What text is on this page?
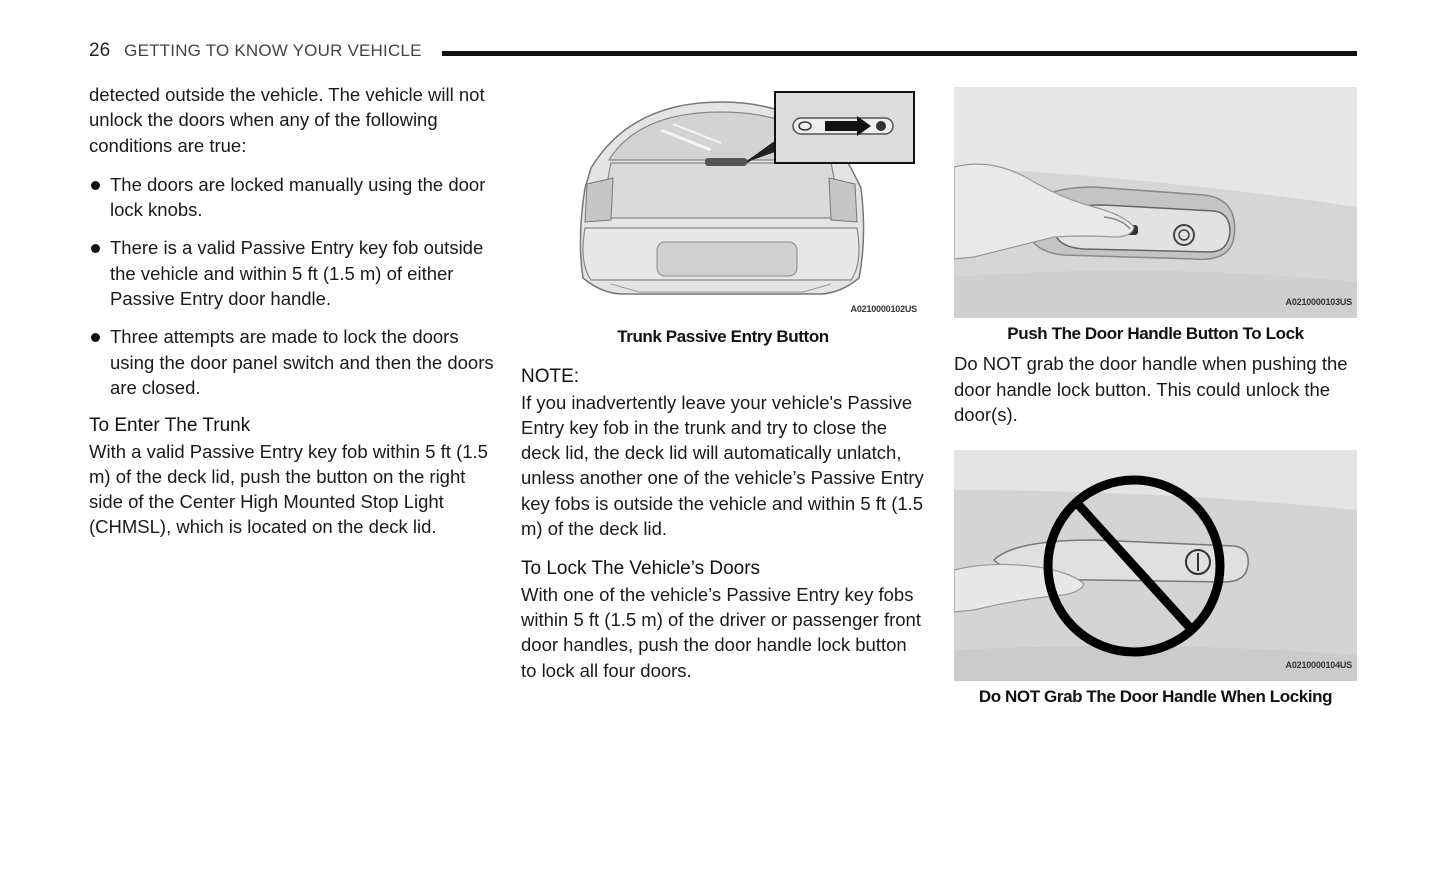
26 GETTING TO KNOW YOUR VEHICLE

detected outside the vehicle. The vehicle will not unlock the doors when any of the following conditions are true:

The doors are locked manually using the door lock knobs.
There is a valid Passive Entry key fob outside the vehicle and within 5 ft (1.5 m) of either Passive Entry door handle.
Three attempts are made to lock the doors using the door panel switch and then the doors are closed.

To Enter The Trunk

With a valid Passive Entry key fob within 5 ft (1.5 m) of the deck lid, push the button on the right side of the Center High Mounted Stop Light (CHMSL), which is located on the deck lid.

A0210000102US

Trunk Passive Entry Button

NOTE:

If you inadvertently leave your vehicle's Passive Entry key fob in the trunk and try to close the deck lid, the deck lid will automatically unlatch, unless another one of the vehicle’s Passive Entry key fobs is outside the vehicle and within 5 ft (1.5 m) of the deck lid.

To Lock The Vehicle’s Doors

With one of the vehicle’s Passive Entry key fobs within 5 ft (1.5 m) of the driver or passenger front door handles, push the door handle lock button to lock all four doors.

A0210000103US

Push The Door Handle Button To Lock

Do NOT grab the door handle when pushing the door handle lock button. This could unlock the door(s).

A0210000104US

Do NOT Grab The Door Handle When Locking
